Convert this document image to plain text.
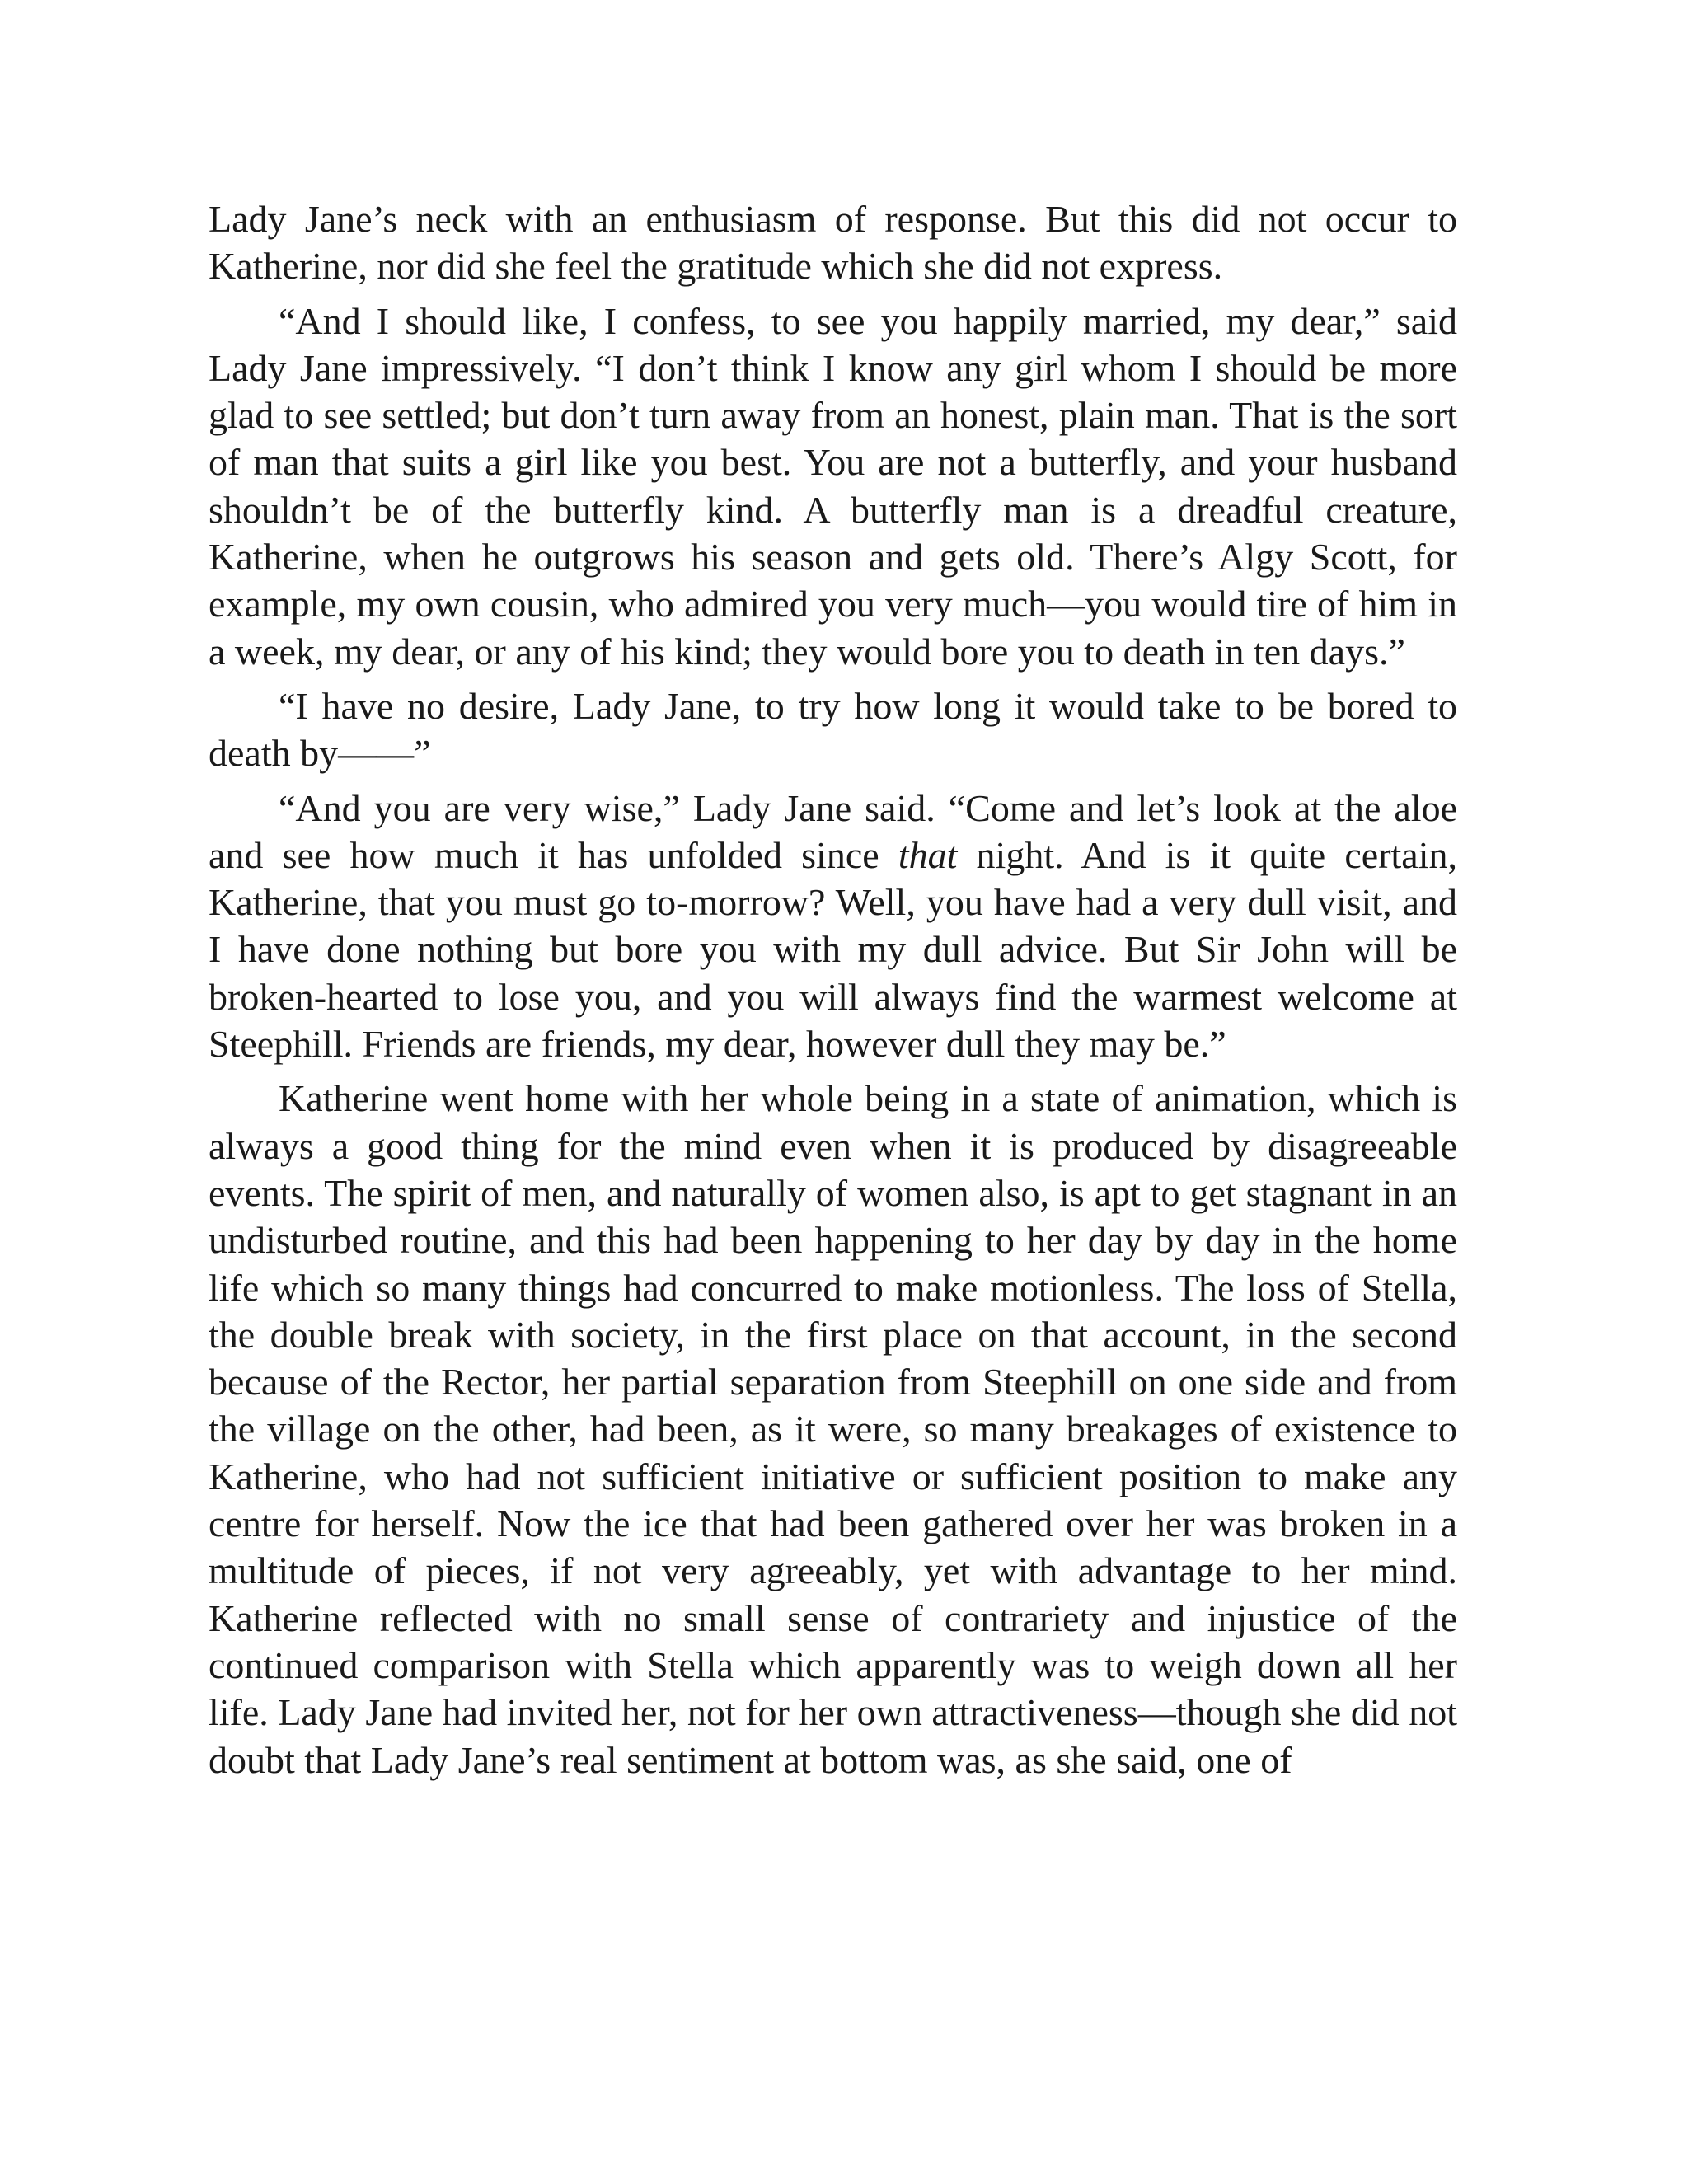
Lady Jane’s neck with an enthusiasm of response. But this did not occur to Katherine, nor did she feel the gratitude which she did not express.

“And I should like, I confess, to see you happily married, my dear,” said Lady Jane impressively. “I don’t think I know any girl whom I should be more glad to see settled; but don’t turn away from an honest, plain man. That is the sort of man that suits a girl like you best. You are not a butterfly, and your husband shouldn’t be of the butterfly kind. A butterfly man is a dreadful creature, Katherine, when he outgrows his season and gets old. There’s Algy Scott, for example, my own cousin, who admired you very much—you would tire of him in a week, my dear, or any of his kind; they would bore you to death in ten days.”

“I have no desire, Lady Jane, to try how long it would take to be bored to death by——”

“And you are very wise,” Lady Jane said. “Come and let’s look at the aloe and see how much it has unfolded since that night. And is it quite certain, Katherine, that you must go to-morrow? Well, you have had a very dull visit, and I have done nothing but bore you with my dull advice. But Sir John will be broken-hearted to lose you, and you will always find the warmest welcome at Steephill. Friends are friends, my dear, however dull they may be.”

Katherine went home with her whole being in a state of animation, which is always a good thing for the mind even when it is produced by disagreeable events. The spirit of men, and naturally of women also, is apt to get stagnant in an undisturbed routine, and this had been happening to her day by day in the home life which so many things had concurred to make motionless. The loss of Stella, the double break with society, in the first place on that account, in the second because of the Rector, her partial separation from Steephill on one side and from the village on the other, had been, as it were, so many breakages of existence to Katherine, who had not sufficient initiative or sufficient position to make any centre for herself. Now the ice that had been gathered over her was broken in a multitude of pieces, if not very agreeably, yet with advantage to her mind. Katherine reflected with no small sense of contrariety and injustice of the continued comparison with Stella which apparently was to weigh down all her life. Lady Jane had invited her, not for her own attractiveness—though she did not doubt that Lady Jane’s real sentiment at bottom was, as she said, one of
